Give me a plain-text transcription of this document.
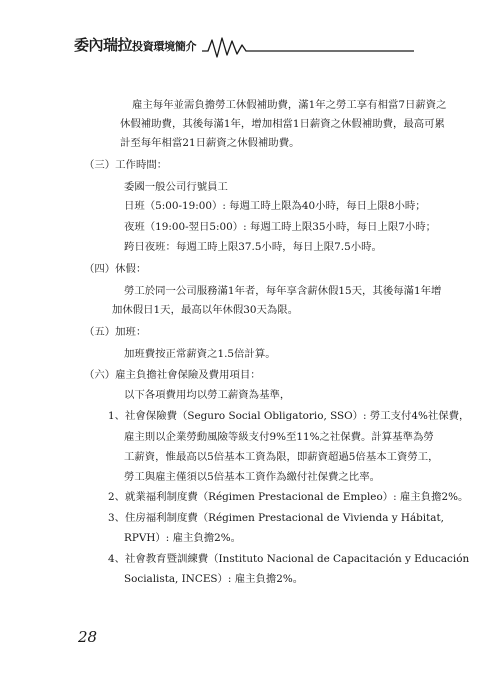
委內瑞拉投資環境簡介
雇主每年並需負擔勞工休假補助費，滿1年之勞工享有相當7日薪資之
休假補助費，其後每滿1年，增加相當1日薪資之休假補助費，最高可累
計至每年相當21日薪資之休假補助費。
（三）工作時間：
委國一般公司行號員工
日班（5:00-19:00）: 每週工時上限為40小時，每日上限8小時；
夜班（19:00-翌日5:00）: 每週工時上限35小時，每日上限7小時；
跨日夜班：每週工時上限37.5小時，每日上限7.5小時。
（四）休假：
勞工於同一公司服務滿1年者，每年享含薪休假15天，其後每滿1年增
加休假日1天，最高以年休假30天為限。
（五）加班：
加班費按正常薪資之1.5倍計算。
（六）雇主負擔社會保險及費用項目：
以下各項費用均以勞工薪資為基準，
1、社會保險費（Seguro Social Obligatorio, SSO）: 勞工支付4%社保費，
雇主則以企業勞動風險等級支付9%至11%之社保費。計算基準為勞
工薪資，惟最高以5倍基本工資為限，即薪資超過5倍基本工資勞工，
勞工與雇主僅須以5倍基本工資作為繳付社保費之比率。
2、就業福利制度費（Régimen Prestacional de Empleo）: 雇主負擔2%。
3、住房福利制度費（Régimen Prestacional de Vivienda y Hábitat,
RPVH）: 雇主負擔2%。
4、社會教育暨訓練費（Instituto Nacional de Capacitación y Educación
Socialista, INCES）: 雇主負擔2%。
28
